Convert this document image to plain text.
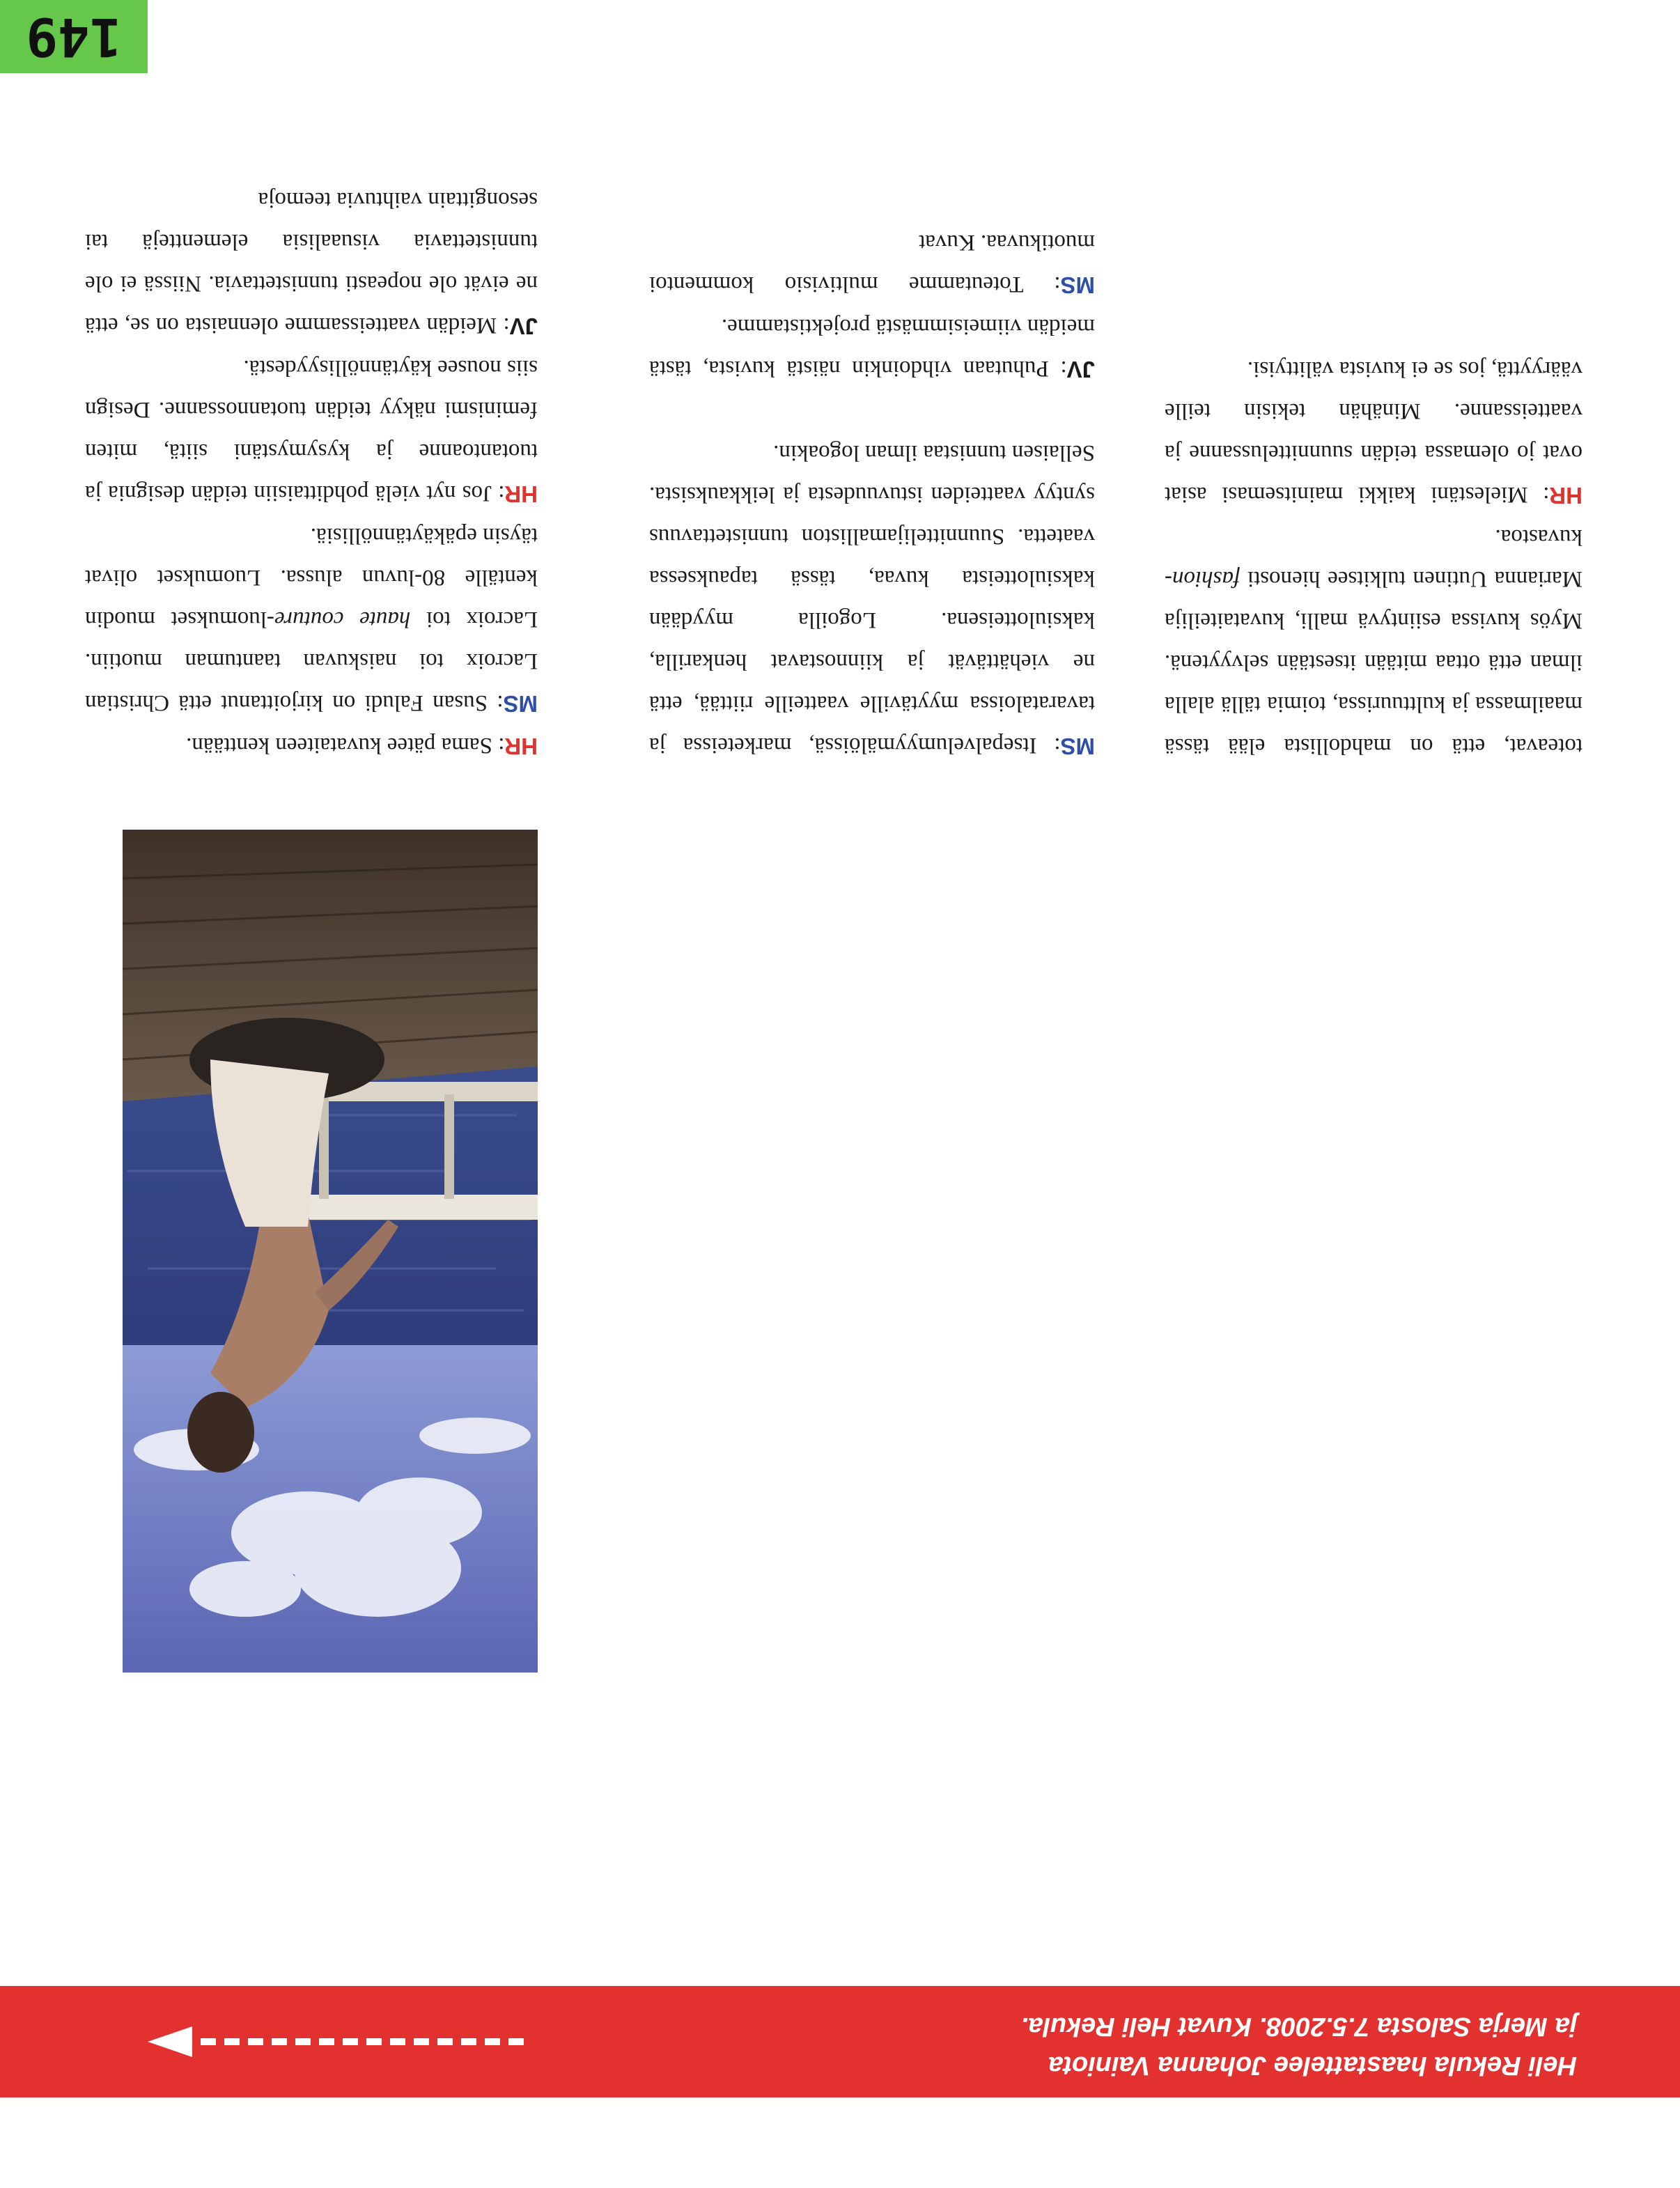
Heli Rekula haastattelee Johanna Vainiota
ja Merja Salosta 7.5.2008. Kuvat Heli Rekula.

toteavat, että on mahdollista elää tässä maailmassa ja kulttuurissa, toimia tällä alalla ilman että ottaa mitään itsestään selvyytenä. Myös kuvissa esiintyvä malli, kuvataiteilija Marianna Uutinen tulkitsee hienosti fashion-kuvastoa.

HR: Mielestäni kaikki mainitsemasi asiat ovat jo olemassa teidän suunnittelussanne ja vaatteissanne. Minähän tekisin teille vääryyttä, jos se ei kuvista välittyisi.

MS: Itsepalvelumyymälöissä, marketeissa ja tavarataloissa myytäville vaatteille riittää, että ne viehättävät ja kiinnostavat henkarilla, kaksiulotteisena. Logoilla myydään kaksiulotteista kuvaa, tässä tapauksessa vaatetta. Suunnittelijamalliston tunnistettavuus syntyy vaatteiden istuvuudesta ja leikkauksista. Sellaisen tunnistaa ilman logoakin.

JV: Puhutaan vihdoinkin näistä kuvista, tästä meidän viimeisimmästä projektistamme.

MS: Toteutamme multivisio kommentoi muotikuvaa. Kuvat

HR: Sama pätee kuvataiteen kenttään.

MS: Susan Faludi on kirjoittanut että Christian Lacroix toi naiskuvan taantuman muotiin. Lacroix toi haute couture-luomukset muodin kentälle 80-luvun alussa. Luomukset olivat täysin epäkäytännöllisiä.

HR: Jos nyt vielä pohdittaisiin teidän designia ja tuotantoanne ja kysymystäni siitä, miten feminismi näkyy teidän tuotannossanne. Design siis nousee käytännöllisyydestä.

JV: Meidän vaatteissamme olennaista on se, että ne eivät ole nopeasti tunnistettavia. Niissä ei ole tunnistettavia visuaalisia elementtejä tai sesongittain vaihtuvia teemoja

149
